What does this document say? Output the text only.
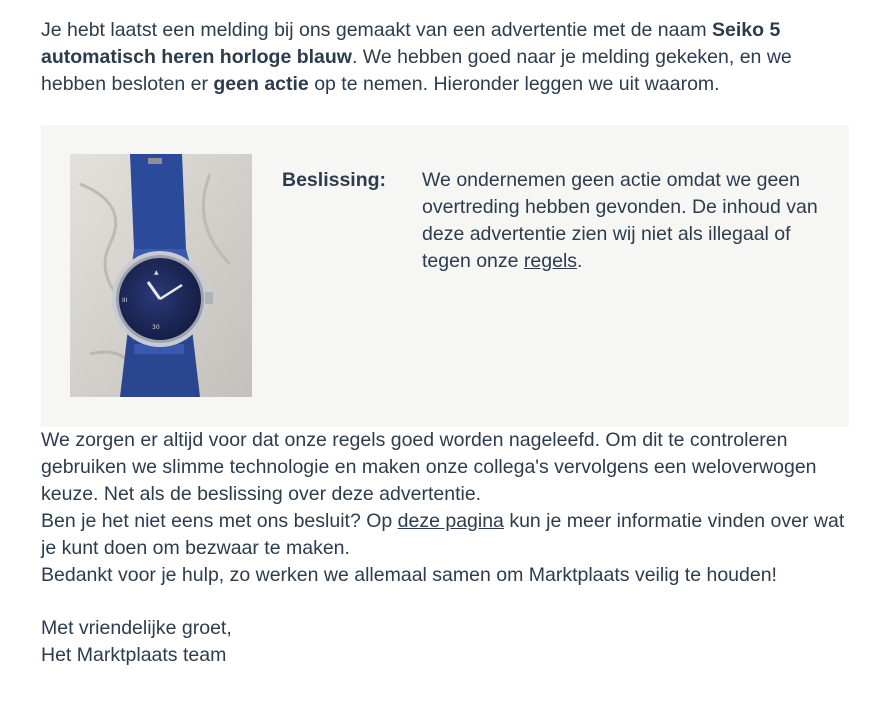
Je hebt laatst een melding bij ons gemaakt van een advertentie met de naam Seiko 5 automatisch heren horloge blauw. We hebben goed naar je melding gekeken, en we hebben besloten er geen actie op te nemen. Hieronder leggen we uit waarom.

III
▲
30

Beslissing: We ondernemen geen actie omdat we geen overtreding hebben gevonden. De inhoud van deze advertentie zien wij niet als illegaal of tegen onze regels.

We zorgen er altijd voor dat onze regels goed worden nageleefd. Om dit te controleren gebruiken we slimme technologie en maken onze collega's vervolgens een weloverwogen keuze. Net als de beslissing over deze advertentie.

Ben je het niet eens met ons besluit? Op deze pagina kun je meer informatie vinden over wat je kunt doen om bezwaar te maken.

Bedankt voor je hulp, zo werken we allemaal samen om Marktplaats veilig te houden!

Met vriendelijke groet,

Het Marktplaats team
